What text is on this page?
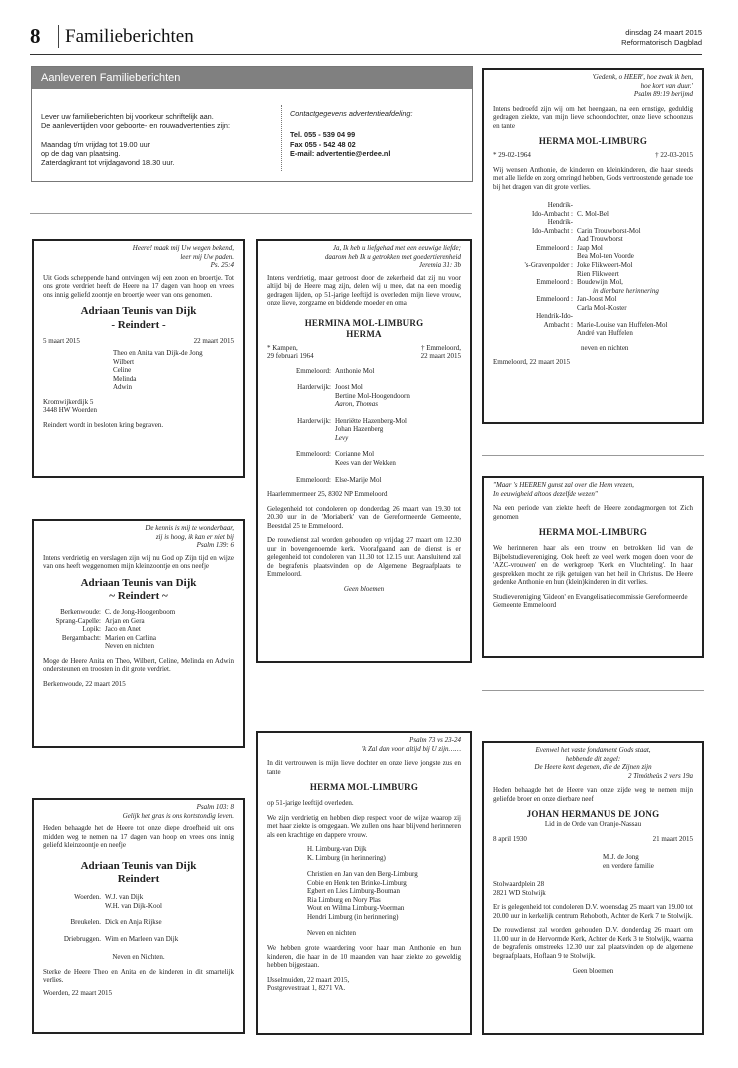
8	Familieberichten	dinsdag 24 maart 2015
Reformatorisch Dagblad
Aanleveren Familieberichten
Lever uw familieberichten bij voorkeur schriftelijk aan.
De aanlevertijden voor geboorte- en rouwadvertenties zijn:
Maandag t/m vrijdag tot 19.00 uur
op de dag van plaatsing.
Zaterdagkrant tot vrijdagavond 18.30 uur.
Contactgegevens advertentieafdeling:
Tel. 055 - 539 04 99
Fax 055 - 542 48 02
E-mail: advertentie@erdee.nl
Heere! maak mij Uw wegen bekend,
leer mij Uw paden.
Ps. 25:4

Uit Gods scheppende hand ontvingen wij een zoon en broertje. Tot ons grote verdriet heeft de Heere na 17 dagen van hoop en vrees ons innig geliefd zoontje en broertje weer van ons genomen.

Adriaan Teunis van Dijk
- Reindert -
5 maart 2015	22 maart 2015
Theo en Anita van Dijk-de Jong
Wilbert
Celine
Melinda
Adwin
Kromwijkerdijk 5
3448 HW Woerden
Reindert wordt in besloten kring begraven.
De kennis is mij te wonderbaar,
zij is hoog, ik kan er niet bij
Psalm 139: 6

Intens verdrietig en verslagen zijn wij nu God op Zijn tijd en wijze van ons heeft weggenomen mijn kleinzoontje en ons neefje

Adriaan Teunis van Dijk
~ Reindert ~
Berkenwoude: C. de Jong-Hoogenboom
Sprang-Capelle: Arjan en Gera
Lopik: Jaco en Anet
Bergambacht: Marien en Carlina
Neven en nichten

Moge de Heere Anita en Theo, Wilbert, Celine, Melinda en Adwin ondersteunen en troosten in dit grote verdriet.

Berkenwoude, 22 maart 2015
Psalm 103: 8
Gelijk het gras is ons kortstondig leven.

Heden behaagde het de Heere tot onze diepe droefheid uit ons midden weg te nemen na 17 dagen van hoop en vrees ons innig geliefd kleinzoontje en neefje

Adriaan Teunis van Dijk
Reindert
Woerden. W.J. van Dijk
W.H. van Dijk-Kool
Breukelen. Dick en Anja Rijkse
Driebruggen. Wim en Marleen van Dijk
Neven en Nichten.

Sterke de Heere Theo en Anita en de kinderen in dit smartelijk verlies.

Woerden, 22 maart 2015
Ja, Ik heb u liefgehad met een eeuwige liefde;
daarom heb Ik u getrokken met goedertierenheid
Jeremia 31: 3b

Intens verdrietig, maar getroost door de zekerheid dat zij nu voor altijd bij de Heere mag zijn, delen wij u mee, dat na een moedig gedragen lijden, op 51-jarige leeftijd is overleden mijn lieve vrouw, onze lieve, zorgzame en biddende moeder en oma

HERMINA MOL-LIMBURG
HERMA
* Kampen,
29 februari 1964
† Emmeloord,
22 maart 2015
Emmeloord: Anthonie Mol
Harderwijk: Joost Mol
Bertine Mol-Hoogendoorn
Aaron, Thomas
Harderwijk: Henriëtte Hazenberg-Mol
Johan Hazenberg
Levy
Emmeloord: Corianne Mol
Kees van der Wekken
Emmeloord: Else-Marije Mol
Haarlemmermeer 25, 8302 NP Emmeloord

Gelegenheid tot condoleren op donderdag 26 maart van 19.30 tot 20.30 uur in de 'Moriaberk' van de Gereformeerde Gemeente, Beestdal 25 te Emmeloord.

De rouwdienst zal worden gehouden op vrijdag 27 maart om 12.30 uur in bovengenoemde kerk. Voorafgaand aan de dienst is er gelegenheid tot condoleren van 11.30 tot 12.15 uur. Aansluitend zal de begrafenis plaatsvinden op de Algemene Begraafplaats te Emmeloord.

Geen bloemen
Psalm 73 vs 23-24
'k Zal dan voor altijd bij U zijn……

In dit vertrouwen is mijn lieve dochter en onze lieve jongste zus en tante

HERMA MOL-LIMBURG
op 51-jarige leeftijd overleden.

We zijn verdrietig en hebben diep respect voor de wijze waarop zij met haar ziekte is omgegaan. We zullen ons haar blijvend herinneren als een krachtige en dappere vrouw.

H. Limburg-van Dijk
K. Limburg (in herinnering)
Christien en Jan van den Berg-Limburg
Cobie en Henk ten Brinke-Limburg
Egbert en Lies Limburg-Bouman
Ria Limburg en Nory Plas
Wout en Wilma Limburg-Voerman
Hendri Limburg (in herinnering)
Neven en nichten

We hebben grote waardering voor haar man Anthonie en hun kinderen, die haar in de 10 maanden van haar ziekte zo geweldig hebben bijgestaan.

IJsselmuiden, 22 maart 2015,
Postgrevestraat 1, 8271 VA.
'Gedenk, o HEER', hoe zwak ik ben,
hoe kort van duur.'
Psalm 89:19 berijmd

Intens bedroefd zijn wij om het heengaan, na een ernstige, geduldig gedragen ziekte, van mijn lieve schoondochter, onze lieve schoonzus en tante

HERMA MOL-LIMBURG
* 29-02-1964	† 22-03-2015

Wij wensen Anthonie, de kinderen en kleinkinderen, die haar steeds met alle liefde en zorg omringd hebben, Gods vertroostende genade toe bij het dragen van dit grote verlies.

Hendrik-
Ido-Ambacht : C. Mol-Bel
Hendrik-
Ido-Ambacht : Carin Trouwborst-Mol
Aad Trouwborst
Emmeloord : Jaap Mol
Bea Mol-ten Voorde
's-Gravenpolder : Joke Flikweert-Mol
Rien Flikweert
Emmeloord : Boudewijn Mol,
in dierbare herinnering
Emmeloord : Jan-Joost Mol
Carla Mol-Koster
Hendrik-Ido-
Ambacht : Marie-Louise van Huffelen-Mol
André van Huffelen
neven en nichten
Emmeloord, 22 maart 2015
"Maar 's HEEREN gunst zal over die Hem vrezen,
In eeuwigheid altoos dezelfde wezen"

Na een periode van ziekte heeft de Heere zondagmorgen tot Zich genomen

HERMA MOL-LIMBURG

We herinneren haar als een trouw en betrokken lid van de Bijbelstudievereniging. Ook heeft ze veel werk mogen doen voor de 'AZC-vrouwen' en de werkgroep 'Kerk en Vluchteling'. In haar gesprekken mocht ze rijk getuigen van het heil in Christus. De Heere gedenke Anthonie en hun (klein)kinderen in dit verlies.

Studievereniging 'Gideon' en Evangelisatiecommissie Gereformeerde Gemeente Emmeloord

Evenwel het vaste fondament Gods staat,
hebbende dit zegel:
De Heere kent degenen, die de Zijnen zijn
2 Timótheüs 2 vers 19a

Heden behaagde het de Heere van onze zijde weg te nemen mijn geliefde broer en onze dierbare neef

JOHAN HERMANUS DE JONG
Lid in de Orde van Oranje-Nassau
8 april 1930	21 maart 2015
M.J. de Jong
en verdere familie
Stolwaardplein 28
2821 WD Stolwijk

Er is gelegenheid tot condoleren D.V. woensdag 25 maart van 19.00 tot 20.00 uur in kerkelijk centrum Rehoboth, Achter de Kerk 7 te Stolwijk.

De rouwdienst zal worden gehouden D.V. donderdag 26 maart om 11.00 uur in de Hervormde Kerk, Achter de Kerk 3 te Stolwijk, waarna de begrafenis omstreeks 12.30 uur zal plaatsvinden op de algemene begraafplaats, Hoflaan 9 te Stolwijk.

Geen bloemen
